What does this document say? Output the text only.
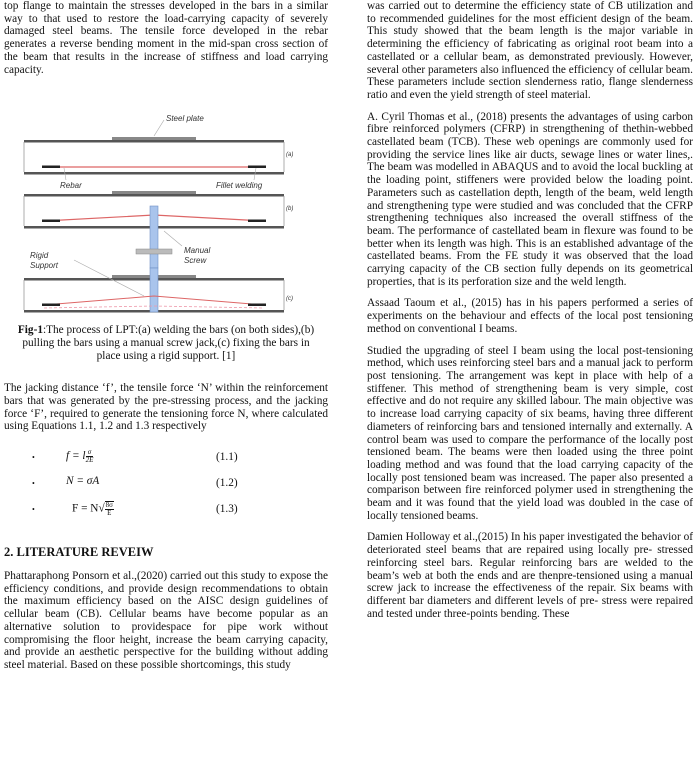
top flange to maintain the stresses developed in the bars in a similar way to that used to restore the load-carrying capacity of severely damaged steel beams. The tensile force developed in the rebar generates a reverse bending moment in the mid-span cross section of the beam that results in the increase of stiffness and load carrying capacity.

Steel plate
(a)
Rebar	Fillet welding
(b)
Rigid Support
Manual Screw
(c)

Fig-1:The process of LPT:(a) welding the bars (on both sides),(b) pulling the bars using a manual screw jack,(c) fixing the bars in place using a rigid support. [1]

The jacking distance ‘f’, the tensile force ‘N’ within the reinforcement bars that was generated by the pre-stressing process, and the jacking force ‘F’, required to generate the tensioning force N, where calculated using Equations 1.1, 1.2 and 1.3 respectively

•	f = l $\frac{\sigma}{2E}$	(1.1)
•	N = σA	(1.2)
•	$F = N√ \frac{8\sigma}{E}$	(1.3)
2. LITERATURE REVEIW

Phattaraphong Ponsorn et al.,(2020) carried out this study to expose the efficiency conditions, and provide design recommendations to obtain the maximum efficiency based on the AISC design guidelines of cellular beam (CB). Cellular beams have become popular as an alternative solution to providespace for pipe work without compromising the floor height, increase the beam carrying capacity, and provide an aesthetic perspective for the building without adding steel material. Based on these possible shortcomings, this study

was carried out to determine the efficiency state of CB utilization and to recommended guidelines for the most efficient design of the beam. This study showed that the beam length is the major variable in determining the efficiency of fabricating as original root beam into a castellated or a cellular beam, as demonstrated previously. However, several other parameters also influenced the efficiency of cellular beam. These parameters include section slenderness ratio, flange slenderness ratio and even the yield strength of steel material.

A. Cyril Thomas et al., (2018) presents the advantages of using carbon fibre reinforced polymers (CFRP) in strengthening of thethin-webbed castellated beam (TCB). These web openings are commonly used for providing the service lines like air ducts, sewage lines or water lines,. The beam was modelled in ABAQUS and to avoid the local buckling at the loading point, stiffeners were provided below the loading point. Parameters such as castellation depth, length of the beam, weld length and strengthening type were studied and was concluded that the CFRP strengthening techniques also increased the overall stiffness of the beam. The performance of castellated beam in flexure was found to be better when its length was high. This is an established advantage of the castellated beams. From the FE study it was observed that the load carrying capacity of the CB section fully depends on its geometrical properties, that is its perforation size and the weld length.

Assaad Taoum et al., (2015) has in his papers performed a series of experiments on the behaviour and effects of the local post tensioning method on conventional I beams.

Studied the upgrading of steel I beam using the local post-tensioning method, which uses reinforcing steel bars and a manual jack to perform post tensioning. The arrangement was kept in place with help of a stiffener. This method of strengthening beam is very simple, cost effective and do not require any skilled labour. The main objective was to increase load carrying capacity of six beams, having three different diameters of reinforcing bars and tensioned internally and externally. A control beam was used to compare the performance of the locally post tensioned beam. The beams were then loaded using the three point loading method and was found that the load carrying capacity of the locally post tensioned beam was increased. The paper also presented a comparison between fire reinforced polymer used in strengthening the beam and it was found that the yield load was doubled in the case of locally tensioned beams.

Damien Holloway et al.,(2015) In his paper investigated the behavior of deteriorated steel beams that are repaired using locally pre- stressed reinforcing steel bars. Regular reinforcing bars are welded to the beam’s web at both the ends and are thenpre-tensioned using a manual screw jack to increase the effectiveness of the repair. Six beams with different bar diameters and different levels of pre- stress were repaired and tested under three-points bending. These
